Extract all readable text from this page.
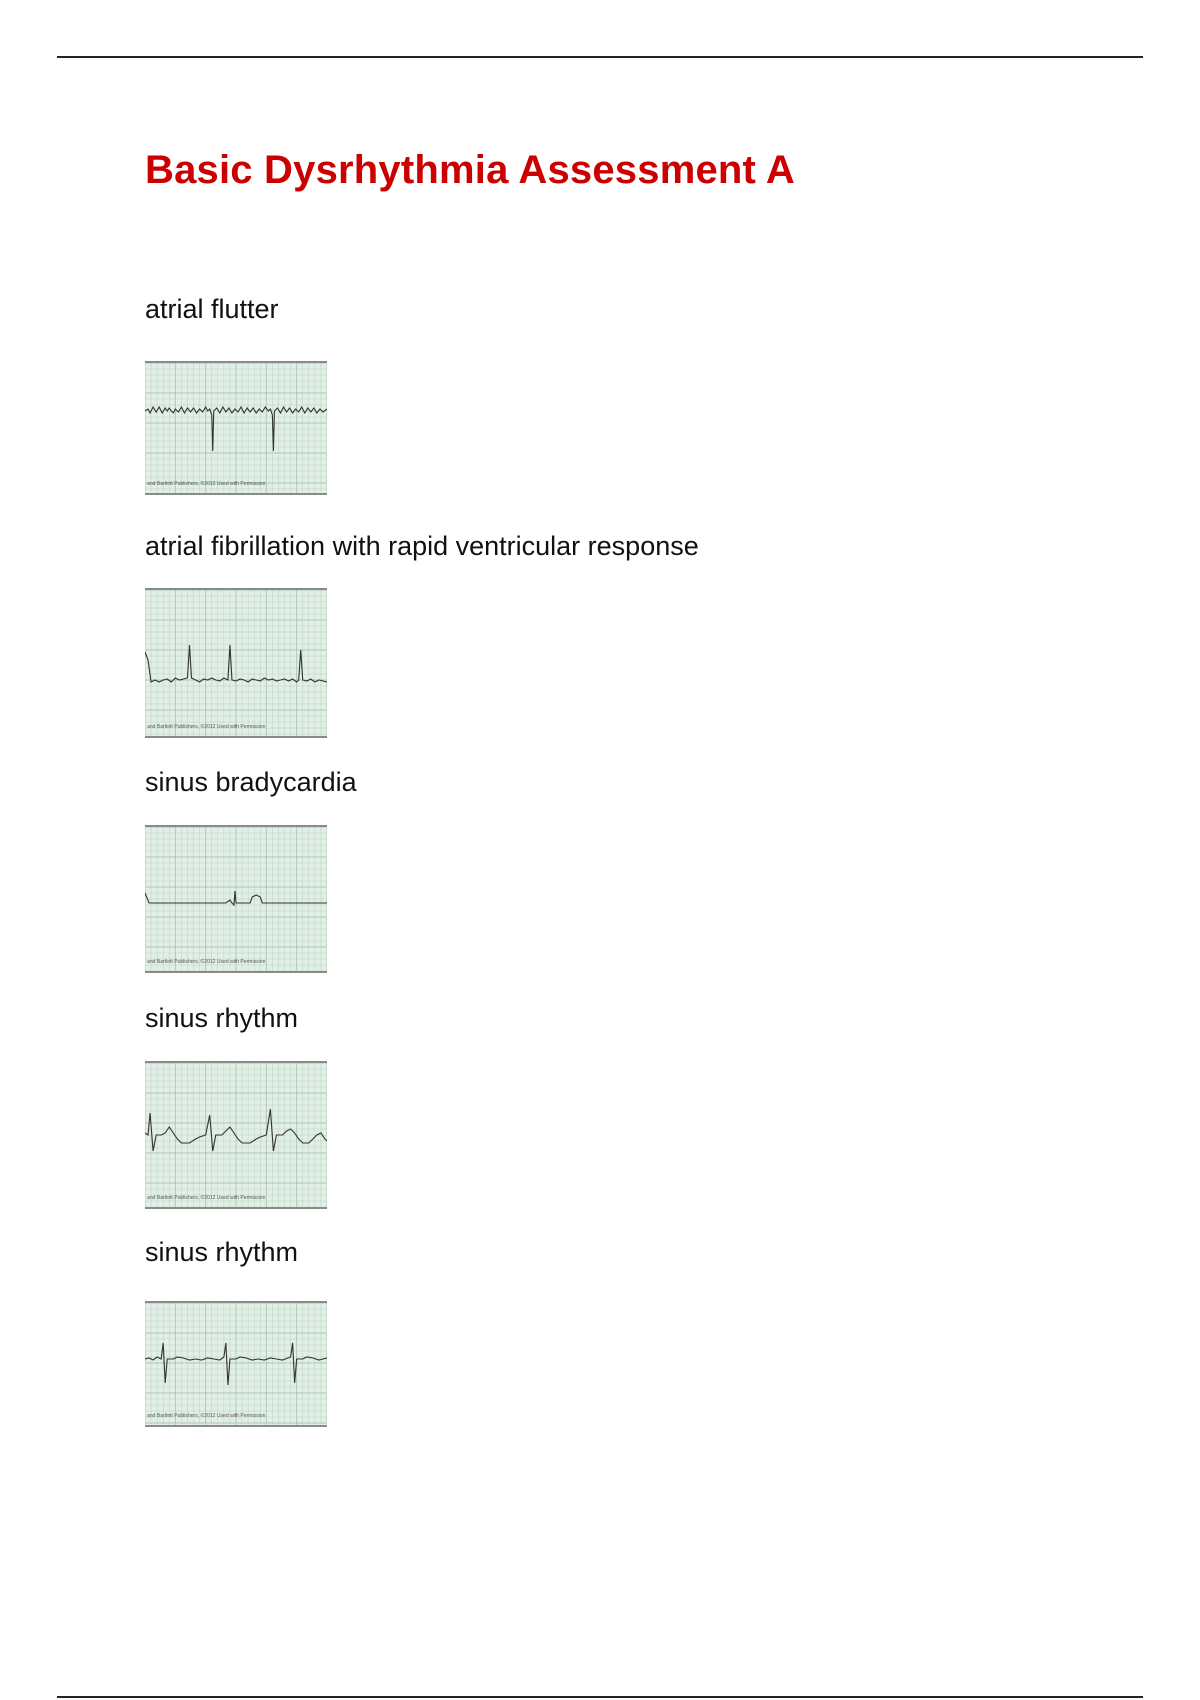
Basic Dysrhythmia Assessment A
atrial flutter
and Bartlett Publishers, ©2012 Used with Permission
atrial fibrillation with rapid ventricular response
and Bartlett Publishers, ©2012 Used with Permission
sinus bradycardia
and Bartlett Publishers, ©2012 Used with Permission
sinus rhythm
and Bartlett Publishers, ©2012 Used with Permission
sinus rhythm
and Bartlett Publishers, ©2012 Used with Permission
